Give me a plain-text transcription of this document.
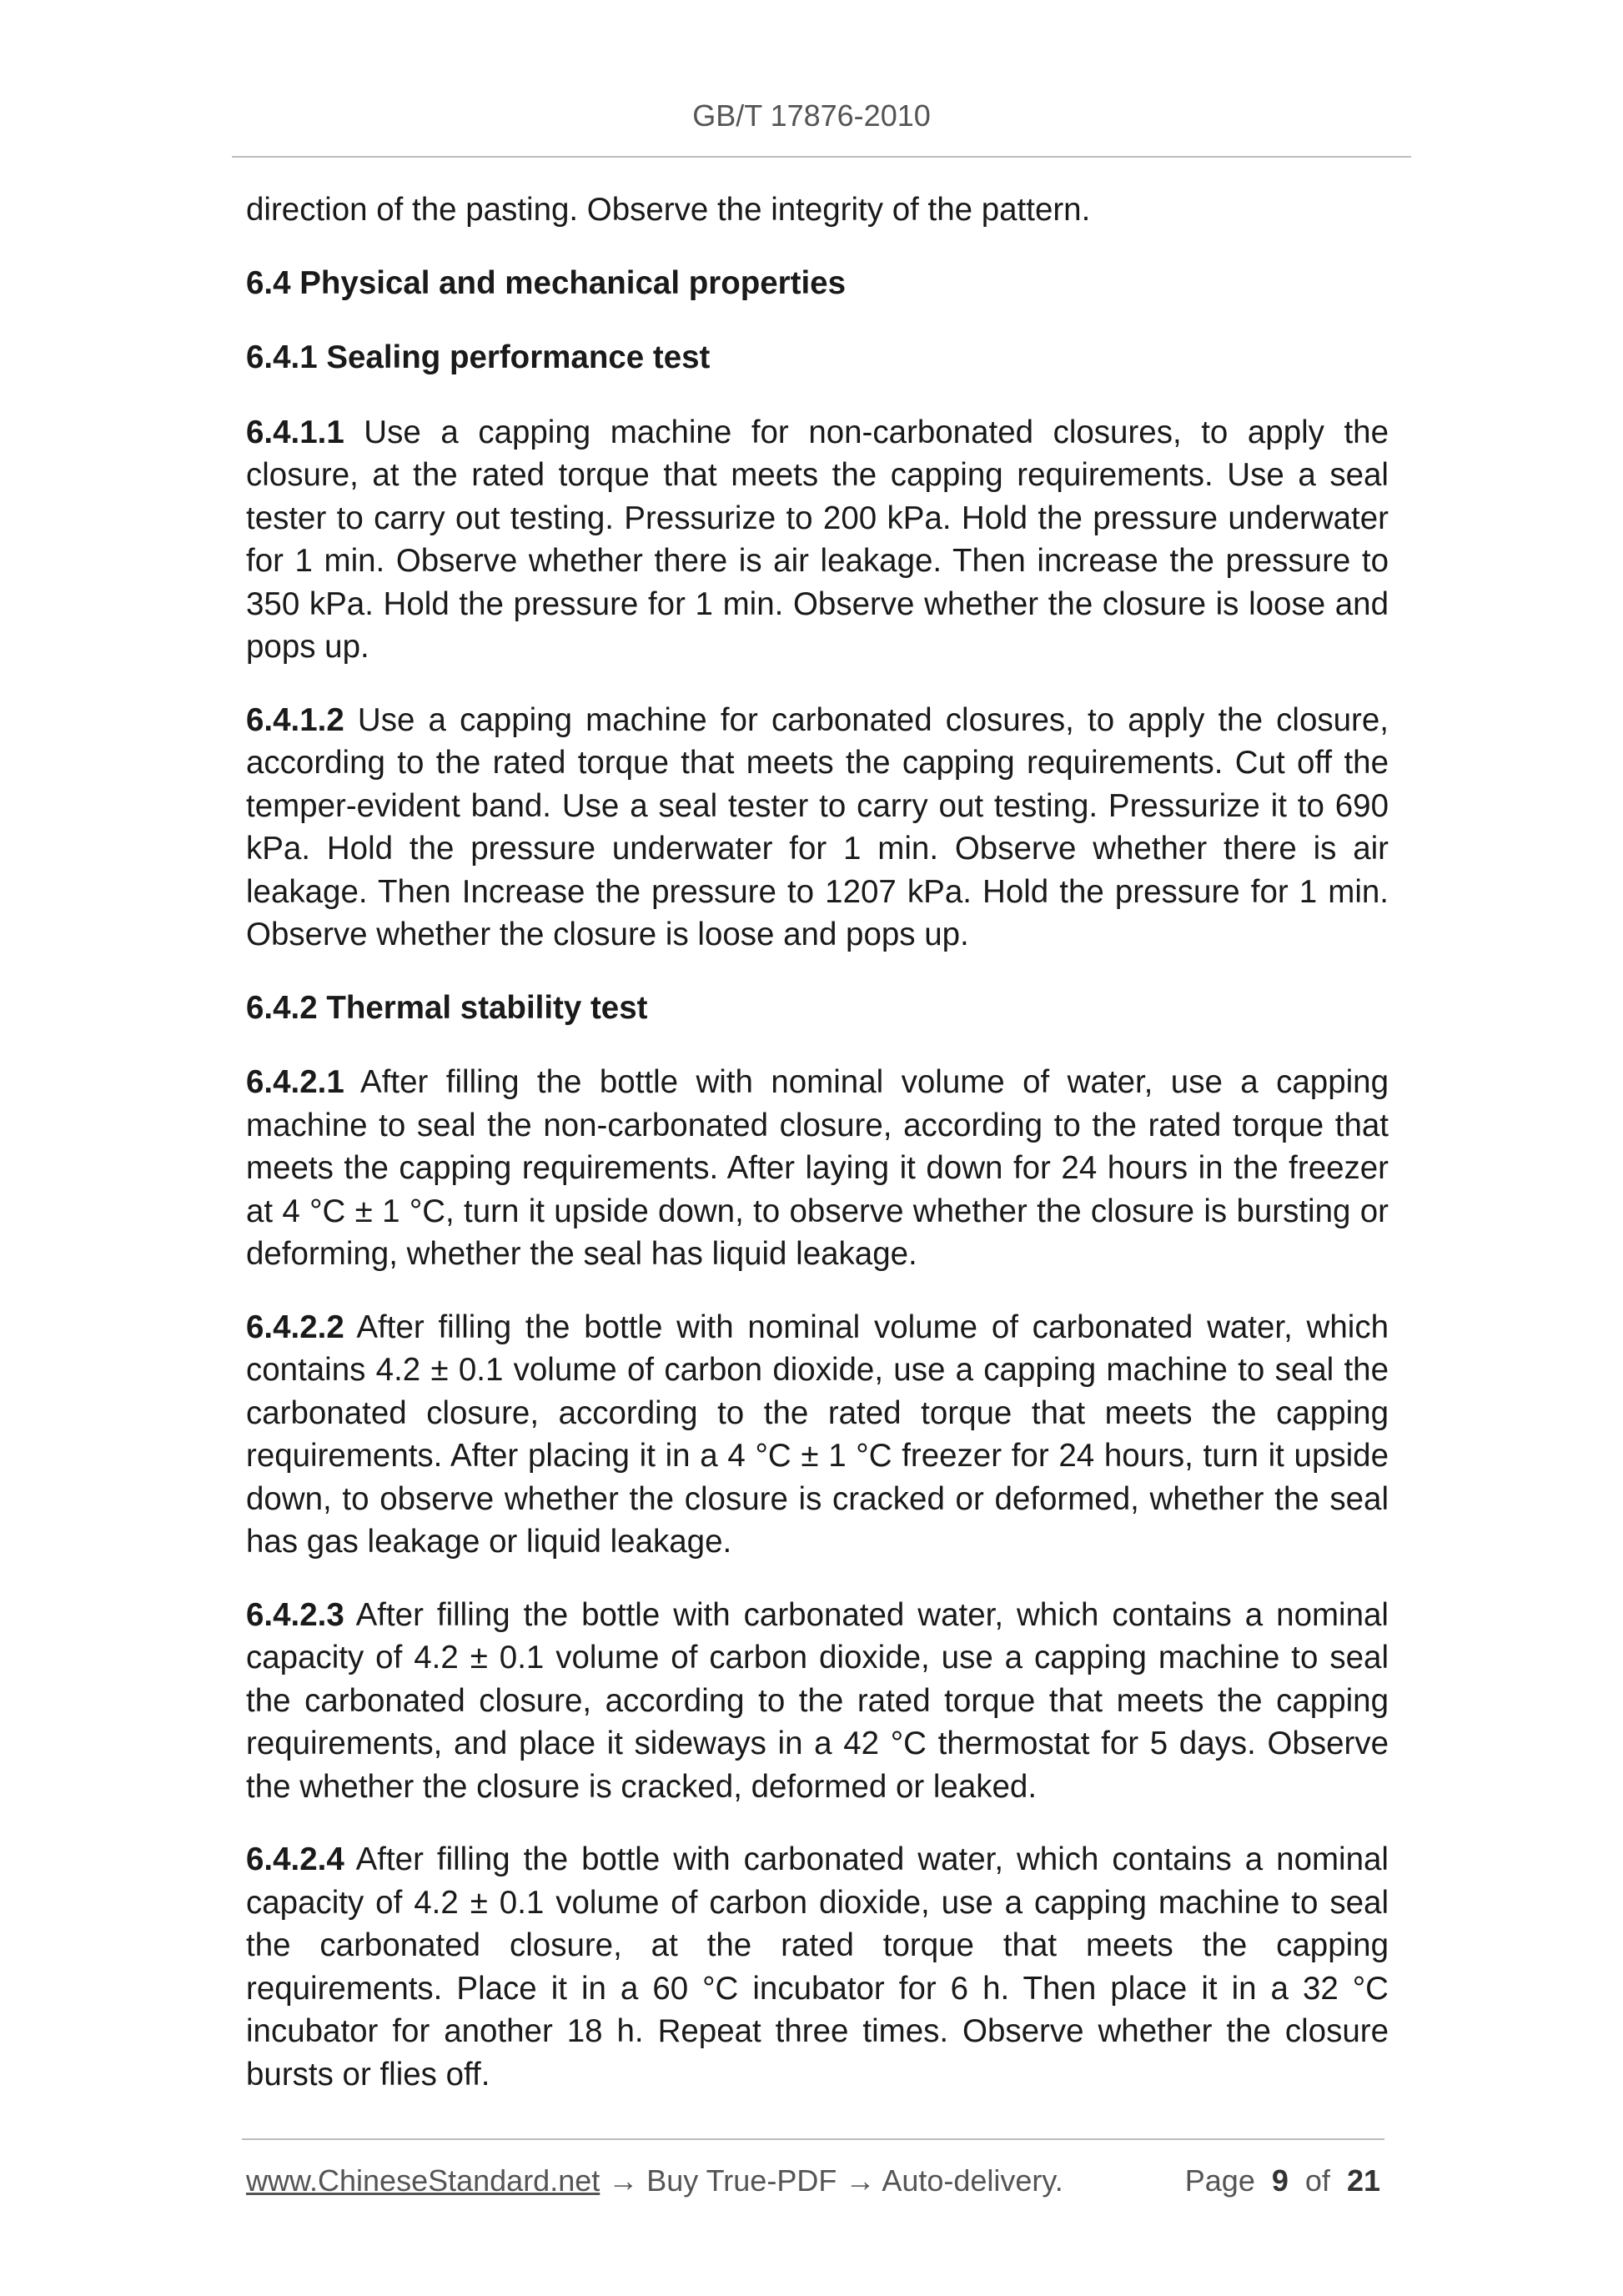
GB/T 17876-2010

direction of the pasting. Observe the integrity of the pattern.

6.4 Physical and mechanical properties
6.4.1 Sealing performance test

6.4.1.1 Use a capping machine for non-carbonated closures, to apply the closure, at the rated torque that meets the capping requirements. Use a seal tester to carry out testing. Pressurize to 200 kPa. Hold the pressure underwater for 1 min. Observe whether there is air leakage. Then increase the pressure to 350 kPa. Hold the pressure for 1 min. Observe whether the closure is loose and pops up.

6.4.1.2 Use a capping machine for carbonated closures, to apply the closure, according to the rated torque that meets the capping requirements. Cut off the temper-evident band. Use a seal tester to carry out testing. Pressurize it to 690 kPa. Hold the pressure underwater for 1 min. Observe whether there is air leakage. Then Increase the pressure to 1207 kPa. Hold the pressure for 1 min. Observe whether the closure is loose and pops up.

6.4.2 Thermal stability test

6.4.2.1 After filling the bottle with nominal volume of water, use a capping machine to seal the non-carbonated closure, according to the rated torque that meets the capping requirements. After laying it down for 24 hours in the freezer at 4 °C ± 1 °C, turn it upside down, to observe whether the closure is bursting or deforming, whether the seal has liquid leakage.

6.4.2.2 After filling the bottle with nominal volume of carbonated water, which contains 4.2 ± 0.1 volume of carbon dioxide, use a capping machine to seal the carbonated closure, according to the rated torque that meets the capping requirements. After placing it in a 4 °C ± 1 °C freezer for 24 hours, turn it upside down, to observe whether the closure is cracked or deformed, whether the seal has gas leakage or liquid leakage.

6.4.2.3 After filling the bottle with carbonated water, which contains a nominal capacity of 4.2 ± 0.1 volume of carbon dioxide, use a capping machine to seal the carbonated closure, according to the rated torque that meets the capping requirements, and place it sideways in a 42 °C thermostat for 5 days. Observe the whether the closure is cracked, deformed or leaked.

6.4.2.4 After filling the bottle with carbonated water, which contains a nominal capacity of 4.2 ± 0.1 volume of carbon dioxide, use a capping machine to seal the carbonated closure, at the rated torque that meets the capping requirements. Place it in a 60 °C incubator for 6 h. Then place it in a 32 °C incubator for another 18 h. Repeat three times. Observe whether the closure bursts or flies off.

www.ChineseStandard.net → Buy True-PDF → Auto-delivery.	Page 9 of 21
